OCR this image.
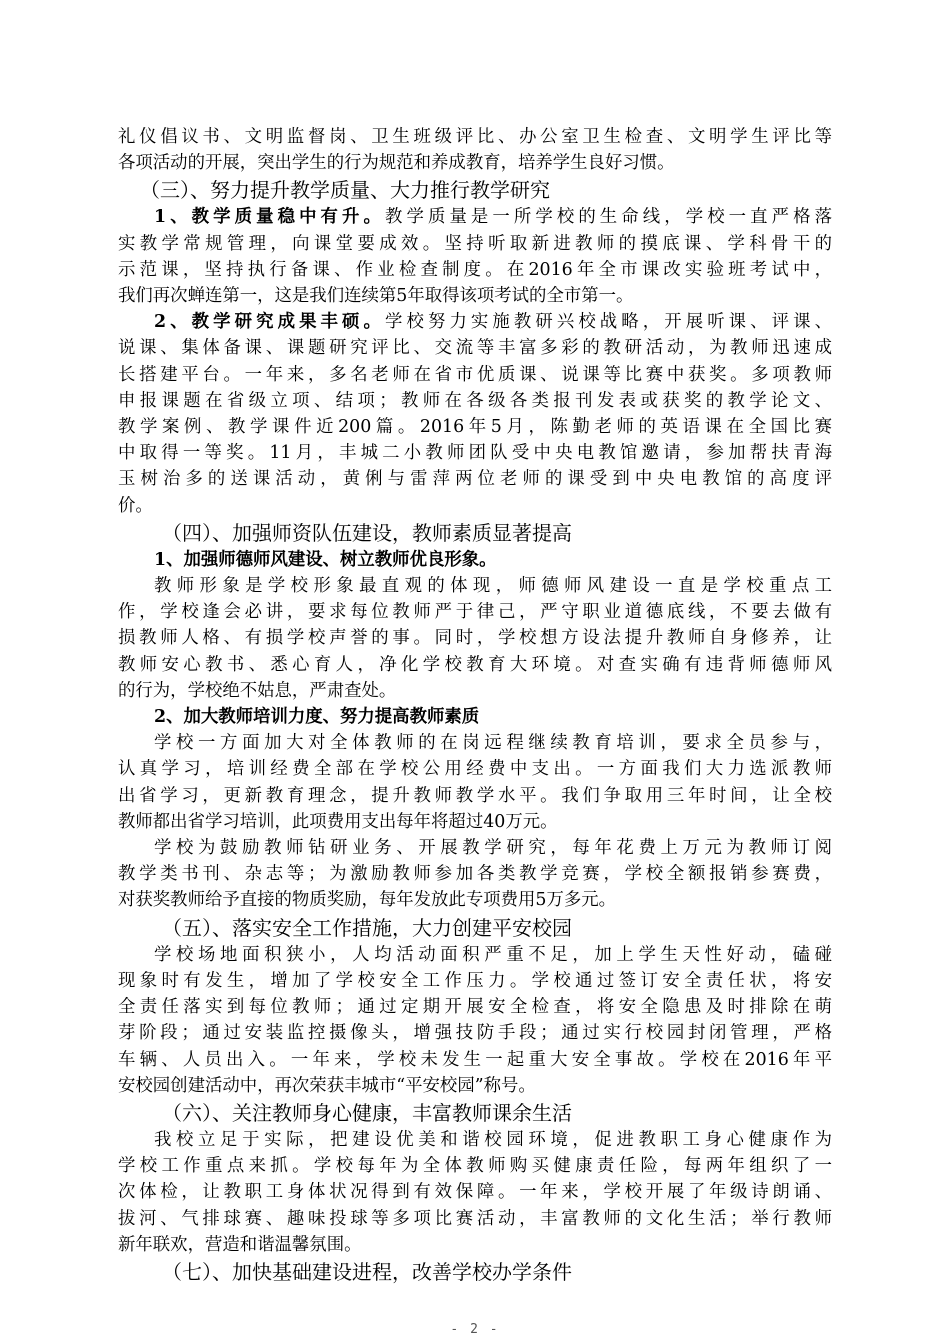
礼仪倡议书、文明监督岗、卫生班级评比、办公室卫生检查、文明学生评比等
各项活动的开展，突出学生的行为规范和养成教育，培养学生良好习惯。
（三）、努力提升教学质量、大力推行教学研究
1、教学质量稳中有升。教学质量是一所学校的生命线，学校一直严格落
实教学常规管理，向课堂要成效。坚持听取新进教师的摸底课、学科骨干的
示范课，坚持执行备课、作业检查制度。在2016年全市课改实验班考试中，
我们再次蝉连第一，这是我们连续第5年取得该项考试的全市第一。
2、教学研究成果丰硕。学校努力实施教研兴校战略，开展听课、评课、
说课、集体备课、课题研究评比、交流等丰富多彩的教研活动，为教师迅速成
长搭建平台。一年来，多名老师在省市优质课、说课等比赛中获奖。多项教师
申报课题在省级立项、结项；教师在各级各类报刊发表或获奖的教学论文、
教学案例、教学课件近200篇。2016年5月，陈勤老师的英语课在全国比赛
中取得一等奖。11月，丰城二小教师团队受中央电教馆邀请，参加帮扶青海
玉树治多的送课活动，黄俐与雷萍两位老师的课受到中央电教馆的高度评
价。
（四）、加强师资队伍建设，教师素质显著提高
1、加强师德师风建设、树立教师优良形象。
教师形象是学校形象最直观的体现，师德师风建设一直是学校重点工
作，学校逢会必讲，要求每位教师严于律己，严守职业道德底线，不要去做有
损教师人格、有损学校声誉的事。同时，学校想方设法提升教师自身修养，让
教师安心教书、悉心育人，净化学校教育大环境。对查实确有违背师德师风
的行为，学校绝不姑息，严肃查处。
2、加大教师培训力度、努力提高教师素质
学校一方面加大对全体教师的在岗远程继续教育培训，要求全员参与，
认真学习，培训经费全部在学校公用经费中支出。一方面我们大力选派教师
出省学习，更新教育理念，提升教师教学水平。我们争取用三年时间，让全校
教师都出省学习培训，此项费用支出每年将超过40万元。
学校为鼓励教师钻研业务、开展教学研究，每年花费上万元为教师订阅
教学类书刊、杂志等；为激励教师参加各类教学竞赛，学校全额报销参赛费，
对获奖教师给予直接的物质奖励，每年发放此专项费用5万多元。
（五）、落实安全工作措施，大力创建平安校园
学校场地面积狭小，人均活动面积严重不足，加上学生天性好动，磕碰
现象时有发生，增加了学校安全工作压力。学校通过签订安全责任状，将安
全责任落实到每位教师；通过定期开展安全检查，将安全隐患及时排除在萌
芽阶段；通过安装监控摄像头，增强技防手段；通过实行校园封闭管理，严格
车辆、人员出入。一年来，学校未发生一起重大安全事故。学校在2016年平
安校园创建活动中，再次荣获丰城市“平安校园”称号。
（六）、关注教师身心健康，丰富教师课余生活
我校立足于实际，把建设优美和谐校园环境，促进教职工身心健康作为
学校工作重点来抓。学校每年为全体教师购买健康责任险，每两年组织了一
次体检，让教职工身体状况得到有效保障。一年来，学校开展了年级诗朗诵、
拔河、气排球赛、趣味投球等多项比赛活动，丰富教师的文化生活；举行教师
新年联欢，营造和谐温馨氛围。
（七）、加快基础建设进程，改善学校办学条件
- 2 -
